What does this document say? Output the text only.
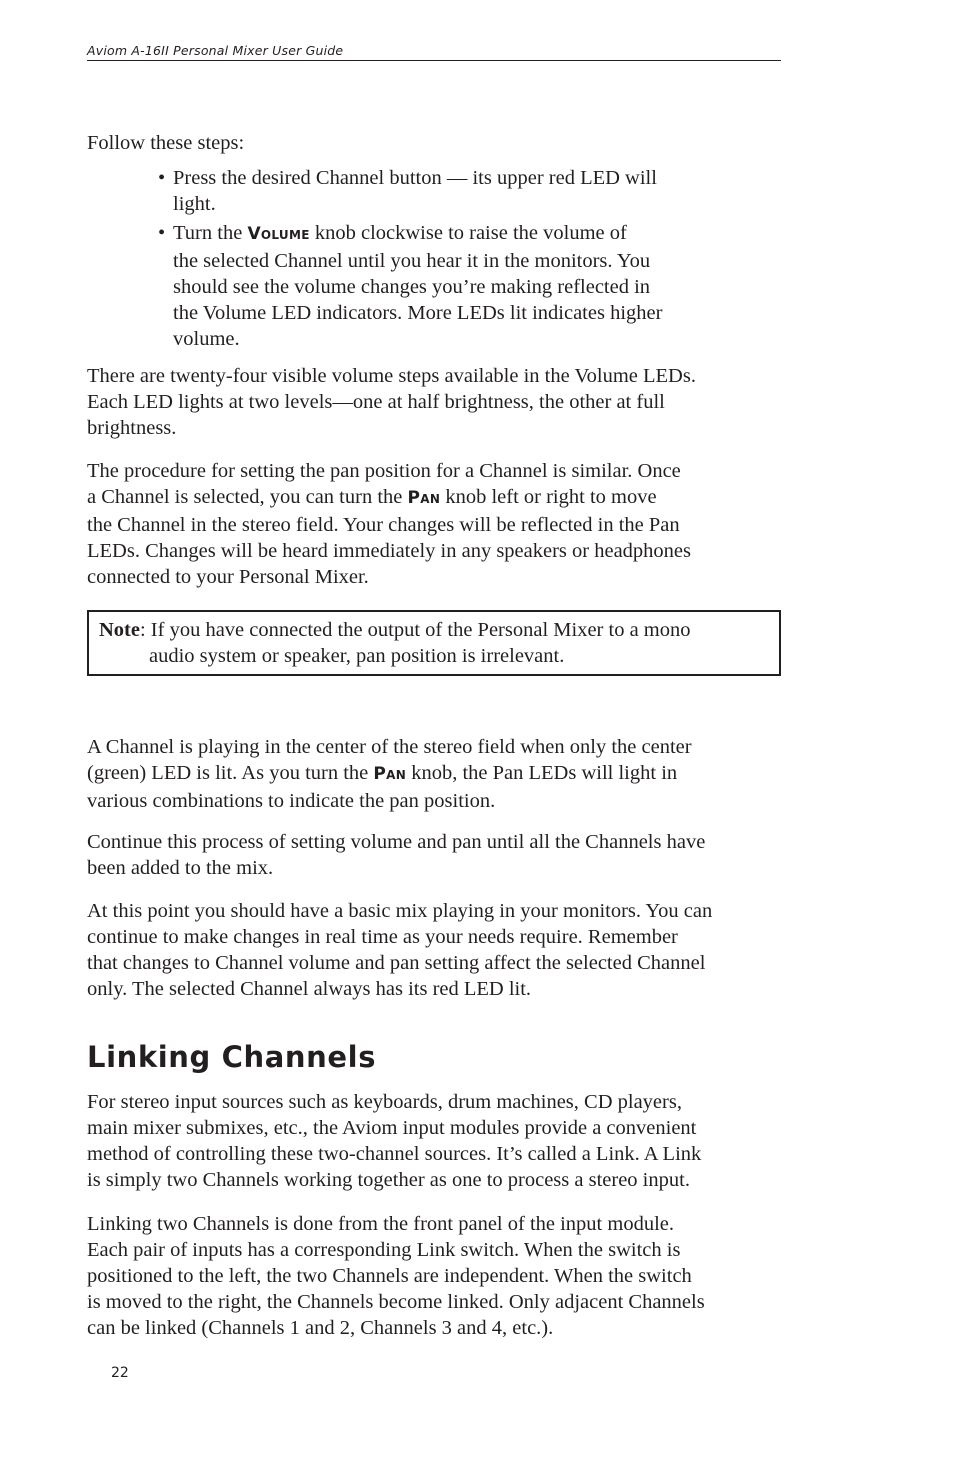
Aviom A-16II Personal Mixer User Guide

Follow these steps:

• Press the desired Channel button — its upper red LED will
light.
• Turn the VOLUME knob clockwise to raise the volume of
the selected Channel until you hear it in the monitors. You
should see the volume changes you’re making reflected in
the Volume LED indicators. More LEDs lit indicates higher
volume.

There are twenty-four visible volume steps available in the Volume LEDs.
Each LED lights at two levels—one at half brightness, the other at full
brightness.

The procedure for setting the pan position for a Channel is similar. Once
a Channel is selected, you can turn the PAN knob left or right to move
the Channel in the stereo field. Your changes will be reflected in the Pan
LEDs. Changes will be heard immediately in any speakers or headphones
connected to your Personal Mixer.

Note: If you have connected the output of the Personal Mixer to a mono
audio system or speaker, pan position is irrelevant.

A Channel is playing in the center of the stereo field when only the center
(green) LED is lit. As you turn the PAN knob, the Pan LEDs will light in
various combinations to indicate the pan position.

Continue this process of setting volume and pan until all the Channels have
been added to the mix.

At this point you should have a basic mix playing in your monitors. You can
continue to make changes in real time as your needs require. Remember
that changes to Channel volume and pan setting affect the selected Channel
only. The selected Channel always has its red LED lit.

Linking Channels

For stereo input sources such as keyboards, drum machines, CD players,
main mixer submixes, etc., the Aviom input modules provide a convenient
method of controlling these two-channel sources. It’s called a Link. A Link
is simply two Channels working together as one to process a stereo input.

Linking two Channels is done from the front panel of the input module.
Each pair of inputs has a corresponding Link switch. When the switch is
positioned to the left, the two Channels are independent. When the switch
is moved to the right, the Channels become linked. Only adjacent Channels
can be linked (Channels 1 and 2, Channels 3 and 4, etc.).

22
